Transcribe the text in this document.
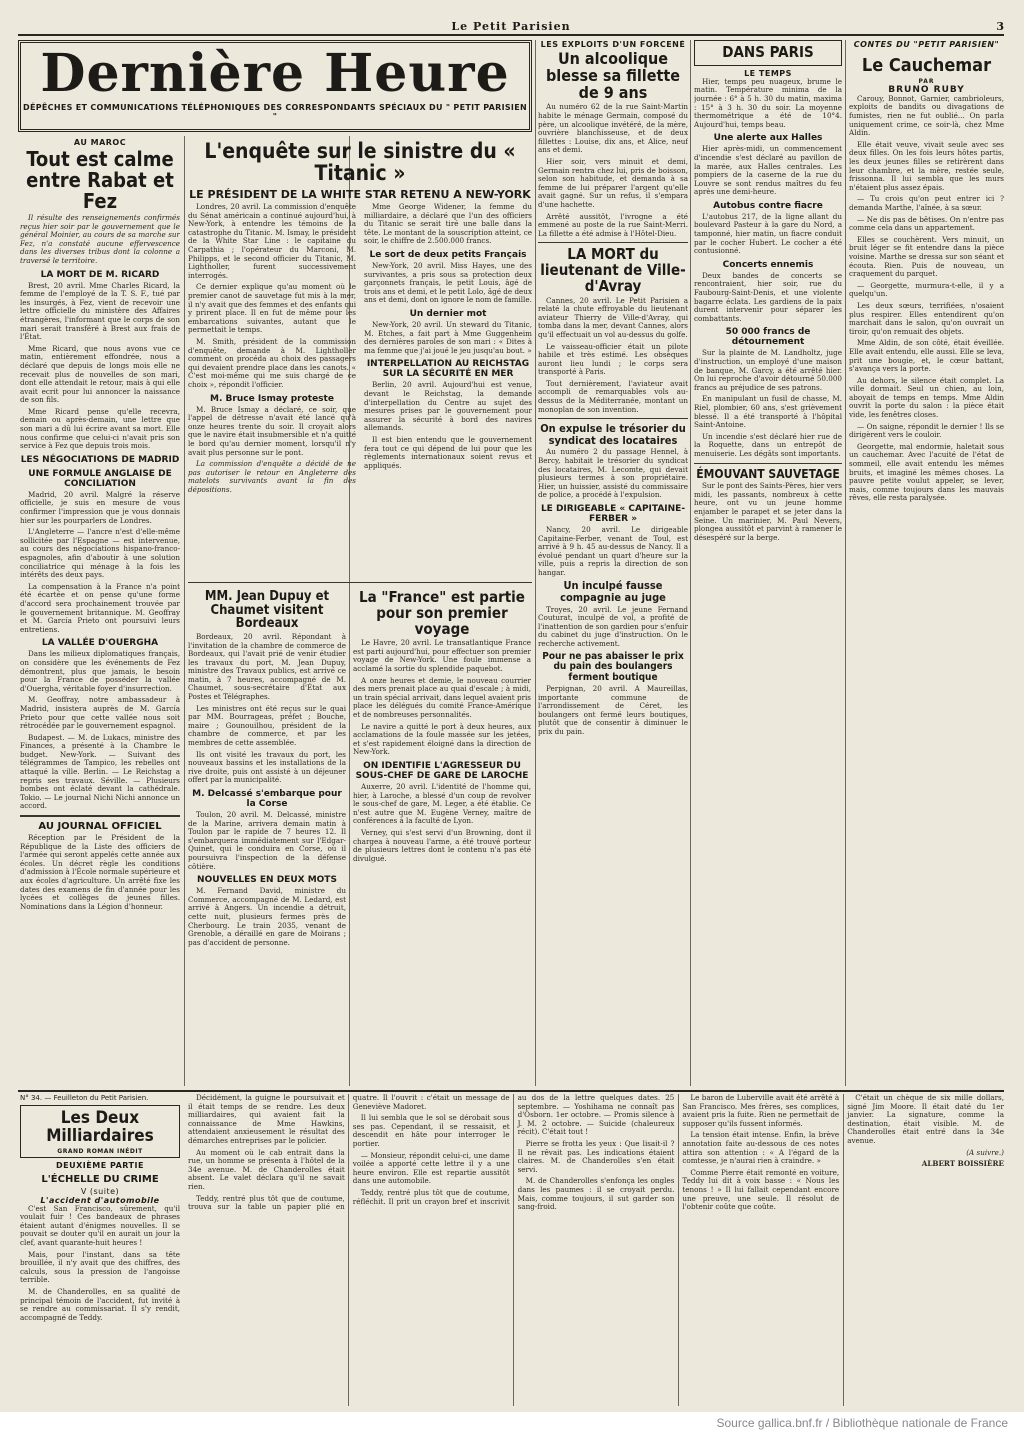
Le Petit Parisien	3
Dernière Heure
DÉPÊCHES ET COMMUNICATIONS TÉLÉPHONIQUES DES CORRESPONDANTS SPÉCIAUX DU " PETIT PARISIEN "
AU MAROC
Tout est calme entre Rabat et Fez

Il résulte des renseignements confirmés reçus hier soir par le gouvernement que le général Moinier, au cours de sa marche sur Fez, n'a constaté aucune effervescence dans les diverses tribus dont la colonne a traversé le territoire.

LA MORT DE M. RICARD

Brest, 20 avril. Mme Charles Ricard, la femme de l'employé de la T. S. F., tué par les insurgés, à Fez, vient de recevoir une lettre officielle du ministère des Affaires étrangères, l'informant que le corps de son mari serait transféré à Brest aux frais de l'État.

Mme Ricard, que nous avons vue ce matin, entièrement effondrée, nous a déclaré que depuis de longs mois elle ne recevait plus de nouvelles de son mari, dont elle attendait le retour, mais à qui elle avait ecrit pour lui annoncer la naissance de son fils.

Mme Ricard pense qu'elle recevra, demain ou après-demain, une lettre que son mari a dû lui écrire avant sa mort. Elle nous confirme que celui-ci n'avait pris son service à Fez que depuis trois mois.

LES NÉGOCIATIONS DE MADRID
UNE FORMULE ANGLAISE DE CONCILIATION

Madrid, 20 avril. Malgré la réserve officielle, je suis en mesure de vous confirmer l'impression que je vous donnais hier sur les pourparlers de Londres.

L'Angleterre — l'ancre n'est d'elle-même sollicitée par l'Espagne — est intervenue, au cours des négociations hispano-franco-espagnoles, afin d'aboutir à une solution conciliatrice qui ménage à la fois les intérêts des deux pays.

La compensation à la France n'a point été écartée et on pense qu'une forme d'accord sera prochainement trouvée par le gouvernement britannique. M. Geoffray et M. García Prieto ont poursuivi leurs entretiens.

LA VALLÉE D'OUERGHA

Dans les milieux diplomatiques français, on considère que les événements de Fez démontrent, plus que jamais, le besoin pour la France de posséder la vallée d'Ouergha, véritable foyer d'insurrection.

M. Geoffray, notre ambassadeur à Madrid, insistera auprès de M. García Prieto pour que cette vallée nous soit rétrocédée par le gouvernement espagnol.

Budapest. — M. de Lukacs, ministre des Finances, a présenté à la Chambre le budget. New-York. — Suivant des télégrammes de Tampico, les rebelles ont attaqué la ville. Berlin. — Le Reichstag a repris ses travaux. Séville. — Plusieurs bombes ont éclaté devant la cathédrale. Tokio. — Le journal Nichi Nichi annonce un accord.

AU JOURNAL OFFICIEL

Réception par le Président de la République de la Liste des officiers de l'armée qui seront appelés cette année aux écoles. Un décret règle les conditions d'admission à l'École normale supérieure et aux écoles d'agriculture. Un arrêté fixe les dates des examens de fin d'année pour les lycées et collèges de jeunes filles. Nominations dans la Légion d'honneur.

L'enquête sur le sinistre du « Titanic »
LE PRÉSIDENT DE LA WHITE STAR RETENU A NEW-YORK

Londres, 20 avril. La commission d'enquête du Sénat américain a continué aujourd'hui, à New-York, à entendre les témoins de la catastrophe du Titanic. M. Ismay, le président de la White Star Line : le capitaine du Carpathia ; l'opérateur du Marconi, M. Philipps, et le second officier du Titanic, M. Lightholler, furent successivement interrogés.

Ce dernier explique qu'au moment où le premier canot de sauvetage fut mis à la mer, il n'y avait que des femmes et des enfants qui y prirent place. Il en fut de même pour les embarcations suivantes, autant que le permettait le temps.

M. Smith, président de la commission d'enquête, demande à M. Lightholler comment on procéda au choix des passagers qui devaient prendre place dans les canots. « C'est moi-même qui me suis chargé de ce choix », répondit l'officier.

M. Bruce Ismay proteste

M. Bruce Ismay a déclaré, ce soir, que l'appel de détresse n'avait été lancé qu'à onze heures trente du soir. Il croyait alors que le navire était insubmersible et n'a quitté le bord qu'au dernier moment, lorsqu'il n'y avait plus personne sur le pont.

La commission d'enquête a décidé de ne pas autoriser le retour en Angleterre des matelots survivants avant la fin des dépositions.

Mme George Widener, la femme du milliardaire, a déclaré que l'un des officiers du Titanic se serait tiré une balle dans la tête. Le montant de la souscription atteint, ce soir, le chiffre de 2.500.000 francs.

Le sort de deux petits Français

New-York, 20 avril. Miss Hayes, une des survivantes, a pris sous sa protection deux garçonnets français, le petit Louis, âgé de trois ans et demi, et le petit Lolo, âgé de deux ans et demi, dont on ignore le nom de famille.

Un dernier mot

New-York, 20 avril. Un steward du Titanic, M. Etches, a fait part à Mme Guggenheim des dernières paroles de son mari : « Dites à ma femme que j'ai joué le jeu jusqu'au bout. »

INTERPELLATION AU REICHSTAG SUR LA SÉCURITÉ EN MER

Berlin, 20 avril. Aujourd'hui est venue, devant le Reichstag, la demande d'interpellation du Centre au sujet des mesures prises par le gouvernement pour assurer la sécurité à bord des navires allemands.

Il est bien entendu que le gouvernement fera tout ce qui dépend de lui pour que les règlements internationaux soient revus et appliqués.

MM. Jean Dupuy et Chaumet visitent Bordeaux

Bordeaux, 20 avril. Répondant à l'invitation de la chambre de commerce de Bordeaux, qui l'avait prié de venir étudier les travaux du port, M. Jean Dupuy, ministre des Travaux publics, est arrivé ce matin, à 7 heures, accompagné de M. Chaumet, sous-secrétaire d'État aux Postes et Télégraphes.

Les ministres ont été reçus sur le quai par MM. Bourrageas, préfet ; Bouche, maire ; Gounouilhou, président de la chambre de commerce, et par les membres de cette assemblée.

Ils ont visité les travaux du port, les nouveaux bassins et les installations de la rive droite, puis ont assisté à un déjeuner offert par la municipalité.

M. Delcassé s'embarque pour la Corse

Toulon, 20 avril. M. Delcassé, ministre de la Marine, arrivera demain matin à Toulon par le rapide de 7 heures 12. Il s'embarquera immédiatement sur l'Edgar-Quinet, qui le conduira en Corse, où il poursuivra l'inspection de la défense côtière.

NOUVELLES EN DEUX MOTS

M. Fernand David, ministre du Commerce, accompagné de M. Ledard, est arrivé à Angers. Un incendie a détruit, cette nuit, plusieurs fermes près de Cherbourg. Le train 2035, venant de Grenoble, a déraillé en gare de Moirans ; pas d'accident de personne.

La "France" est partie pour son premier voyage

Le Havre, 20 avril. Le transatlantique France est parti aujourd'hui, pour effectuer son premier voyage de New-York. Une foule immense a acclamé la sortie du splendide paquebot.

A onze heures et demie, le nouveau courrier des mers prenait place au quai d'escale ; à midi, un train spécial arrivait, dans lequel avaient pris place les délégués du comité France-Amérique et de nombreuses personnalités.

Le navire a quitté le port à deux heures, aux acclamations de la foule massée sur les jetées, et s'est rapidement éloigné dans la direction de New-York.

ON IDENTIFIE L'AGRESSEUR DU SOUS-CHEF DE GARE DE LAROCHE

Auxerre, 20 avril. L'identité de l'homme qui, hier, à Laroche, a blessé d'un coup de revolver le sous-chef de gare, M. Leger, a été établie. Ce n'est autre que M. Eugène Verney, maître de conférences à la faculté de Lyon.

Verney, qui s'est servi d'un Browning, dont il chargea à nouveau l'arme, a été trouvé porteur de plusieurs lettres dont le contenu n'a pas été divulgué.

LES EXPLOITS D'UN FORCENÉ
Un alcoolique blesse sa fillette de 9 ans

Au numéro 62 de la rue Saint-Martin habite le ménage Germain, composé du père, un alcoolique invétéré, de la mère, ouvrière blanchisseuse, et de deux fillettes : Louise, dix ans, et Alice, neuf ans et demi.

Hier soir, vers minuit et demi, Germain rentra chez lui, pris de boisson, selon son habitude, et demanda à sa femme de lui préparer l'argent qu'elle avait gagné. Sur un refus, il s'empara d'une hachette.

Arrêté aussitôt, l'ivrogne a été emmené au poste de la rue Saint-Merri. La fillette a été admise à l'Hôtel-Dieu.

LA MORT du lieutenant de Ville-d'Avray

Cannes, 20 avril. Le Petit Parisien a relaté la chute effroyable du lieutenant aviateur Thierry de Ville-d'Avray, qui tomba dans la mer, devant Cannes, alors qu'il effectuait un vol au-dessus du golfe.

Le vaisseau-officier était un pilote habile et très estimé. Les obsèques auront lieu lundi ; le corps sera transporté à Paris.

Tout dernièrement, l'aviateur avait accompli de remarquables vols au-dessus de la Méditerranée, montant un monoplan de son invention.

On expulse le trésorier du syndicat des locataires

Au numéro 2 du passage Hennel, à Bercy, habitait le trésorier du syndicat des locataires, M. Lecomte, qui devait plusieurs termes à son propriétaire. Hier, un huissier, assisté du commissaire de police, a procédé à l'expulsion.

LE DIRIGEABLE « CAPITAINE-FERBER »

Nancy, 20 avril. Le dirigeable Capitaine-Ferber, venant de Toul, est arrivé à 9 h. 45 au-dessus de Nancy. Il a évolué pendant un quart d'heure sur la ville, puis a repris la direction de son hangar.

Un inculpé fausse compagnie au juge

Troyes, 20 avril. Le jeune Fernand Couturat, inculpé de vol, a profité de l'inattention de son gardien pour s'enfuir du cabinet du juge d'instruction. On le recherche activement.

Pour ne pas abaisser le prix du pain des boulangers ferment boutique

Perpignan, 20 avril. A Maureillas, importante commune de l'arrondissement de Céret, les boulangers ont fermé leurs boutiques, plutôt que de consentir à diminuer le prix du pain.

DANS PARIS
LE TEMPS

Hier, temps peu nuageux, brume le matin. Température minima de la journée : 6° à 5 h. 30 du matin, maxima : 15° à 3 h. 30 du soir. La moyenne thermométrique a été de 10°4. Aujourd'hui, temps beau.

Une alerte aux Halles

Hier après-midi, un commencement d'incendie s'est déclaré au pavillon de la marée, aux Halles centrales. Les pompiers de la caserne de la rue du Louvre se sont rendus maîtres du feu après une demi-heure.

Autobus contre fiacre

L'autobus 217, de la ligne allant du boulevard Pasteur à la gare du Nord, a tamponné, hier matin, un fiacre conduit par le cocher Hubert. Le cocher a été contusionné.

Concerts ennemis

Deux bandes de concerts se rencontraient, hier soir, rue du Faubourg-Saint-Denis, et une violente bagarre éclata. Les gardiens de la paix durent intervenir pour séparer les combattants.

50 000 francs de détournement

Sur la plainte de M. Landholtz, juge d'instruction, un employé d'une maison de banque, M. Garcy, a été arrêté hier. On lui reproche d'avoir détourné 50.000 francs au préjudice de ses patrons.

En manipulant un fusil de chasse, M. Riel, plombier, 60 ans, s'est grièvement blessé. Il a été transporté à l'hôpital Saint-Antoine.

Un incendie s'est déclaré hier rue de la Roquette, dans un entrepôt de menuiserie. Les dégâts sont importants.

ÉMOUVANT SAUVETAGE

Sur le pont des Saints-Pères, hier vers midi, les passants, nombreux à cette heure, ont vu un jeune homme enjamber le parapet et se jeter dans la Seine. Un marinier, M. Paul Nevers, plongea aussitôt et parvint à ramener le désespéré sur la berge.

CONTES DU "PETIT PARISIEN"
Le Cauchemar
PAR
BRUNO RUBY

Carouy, Bonnot, Garnier, cambrioleurs, exploits de bandits ou divagations de fumistes, rien ne fut oublié... On parla uniquement crime, ce soir-là, chez Mme Aldin.

Elle était veuve, vivait seule avec ses deux filles. On les fois leurs hôtes partis, les deux jeunes filles se retirèrent dans leur chambre, et la mère, restée seule, frissonna. Il lui sembla que les murs n'étaient plus assez épais.

— Tu crois qu'on peut entrer ici ? demanda Marthe, l'aînée, à sa sœur.

— Ne dis pas de bêtises. On n'entre pas comme cela dans un appartement.

Elles se couchèrent. Vers minuit, un bruit léger se fit entendre dans la pièce voisine. Marthe se dressa sur son séant et écouta. Rien. Puis de nouveau, un craquement du parquet.

— Georgette, murmura-t-elle, il y a quelqu'un.

Les deux sœurs, terrifiées, n'osaient plus respirer. Elles entendirent qu'on marchait dans le salon, qu'on ouvrait un tiroir, qu'on remuait des objets.

Mme Aldin, de son côté, était éveillée. Elle avait entendu, elle aussi. Elle se leva, prit une bougie, et, le cœur battant, s'avança vers la porte.

Au dehors, le silence était complet. La ville dormait. Seul un chien, au loin, aboyait de temps en temps. Mme Aldin ouvrit la porte du salon : la pièce était vide, les fenêtres closes.

— On saigne, répondit le dernier ! Ils se dirigèrent vers le couloir.

Georgette, mal endormie, haletait sous un cauchemar. Avec l'acuité de l'état de sommeil, elle avait entendu les mêmes bruits, et imaginé les mêmes choses. La pauvre petite voulut appeler, se lever, mais, comme toujours dans les mauvais rêves, elle resta paralysée.

N° 34. — Feuilleton du Petit Parisien.
Les Deux Milliardaires
GRAND ROMAN INÉDIT
DEUXIÈME PARTIE
L'ÉCHELLE DU CRIME
V (suite)
L'accident d'automobile

C'est San Francisco, sûrement, qu'il voulait fuir ! Ces bandeaux de phrases étaient autant d'énigmes nouvelles. Il se pouvait se douter qu'il en aurait un jour la clef, avant quarante-huit heures !

Mais, pour l'instant, dans sa tête brouillée, il n'y avait que des chiffres, des calculs, sous la pression de l'angoisse terrible.

M. de Chanderolles, en sa qualité de principal témoin de l'accident, fut invité à se rendre au commissariat. Il s'y rendit, accompagné de Teddy.

Décidément, la guigne le poursuivait et il était temps de se rendre. Les deux milliardaires, qui avaient fait la connaissance de Mme Hawkins, attendaient anxieusement le résultat des démarches entreprises par le policier.

Au moment où le cab entrait dans la rue, un homme se présenta à l'hôtel de la 34e avenue. M. de Chanderolles était absent. Le valet déclara qu'il ne savait rien.

Teddy, rentré plus tôt que de coutume, trouva sur la table un papier plié en quatre. Il l'ouvrit : c'était un message de Geneviève Madoret.

Il lui sembla que le sol se dérobait sous ses pas. Cependant, il se ressaisit, et descendit en hâte pour interroger le portier.

— Monsieur, répondit celui-ci, une dame voilée a apporté cette lettre il y a une heure environ. Elle est repartie aussitôt dans une automobile.

Teddy, rentré plus tôt que de coutume, réfléchit. Il prit un crayon bref et inscrivit au dos de la lettre quelques dates. 25 septembre. — Yoshihama ne connaît pas d'Osborn. 1er octobre. — Promis silence à J. M. 2 octobre. — Suicide (chaleureux récit). C'était tout !

Pierre se frotta les yeux : Que lisait-il ? Il ne rêvait pas. Les indications étaient claires. M. de Chanderolles s'en était servi.

M. de Chanderolles s'enfonça les ongles dans les paumes : il se croyait perdu. Mais, comme toujours, il sut garder son sang-froid.

Le baron de Luberville avait été arrêté à San Francisco. Mes frères, ses complices, avaient pris la fuite. Rien ne permettait de supposer qu'ils fussent informés.

La tension était intense. Enfin, la brève annotation faite au-dessous de ces notes attira son attention : « A l'égard de la comtesse, je n'aurai rien à craindre. »

Comme Pierre était remonté en voiture, Teddy lui dit à voix basse : « Nous les tenons ! » Il lui fallait cependant encore une preuve, une seule. Il résolut de l'obtenir coûte que coûte.

C'était un chèque de six mille dollars, signé Jim Moore. Il était daté du 1er janvier. La signature, comme la destination, était visible. M. de Chanderolles était entré dans la 34e avenue.

(A suivre.)

ALBERT BOISSIÈRE

Source gallica.bnf.fr / Bibliothèque nationale de France
